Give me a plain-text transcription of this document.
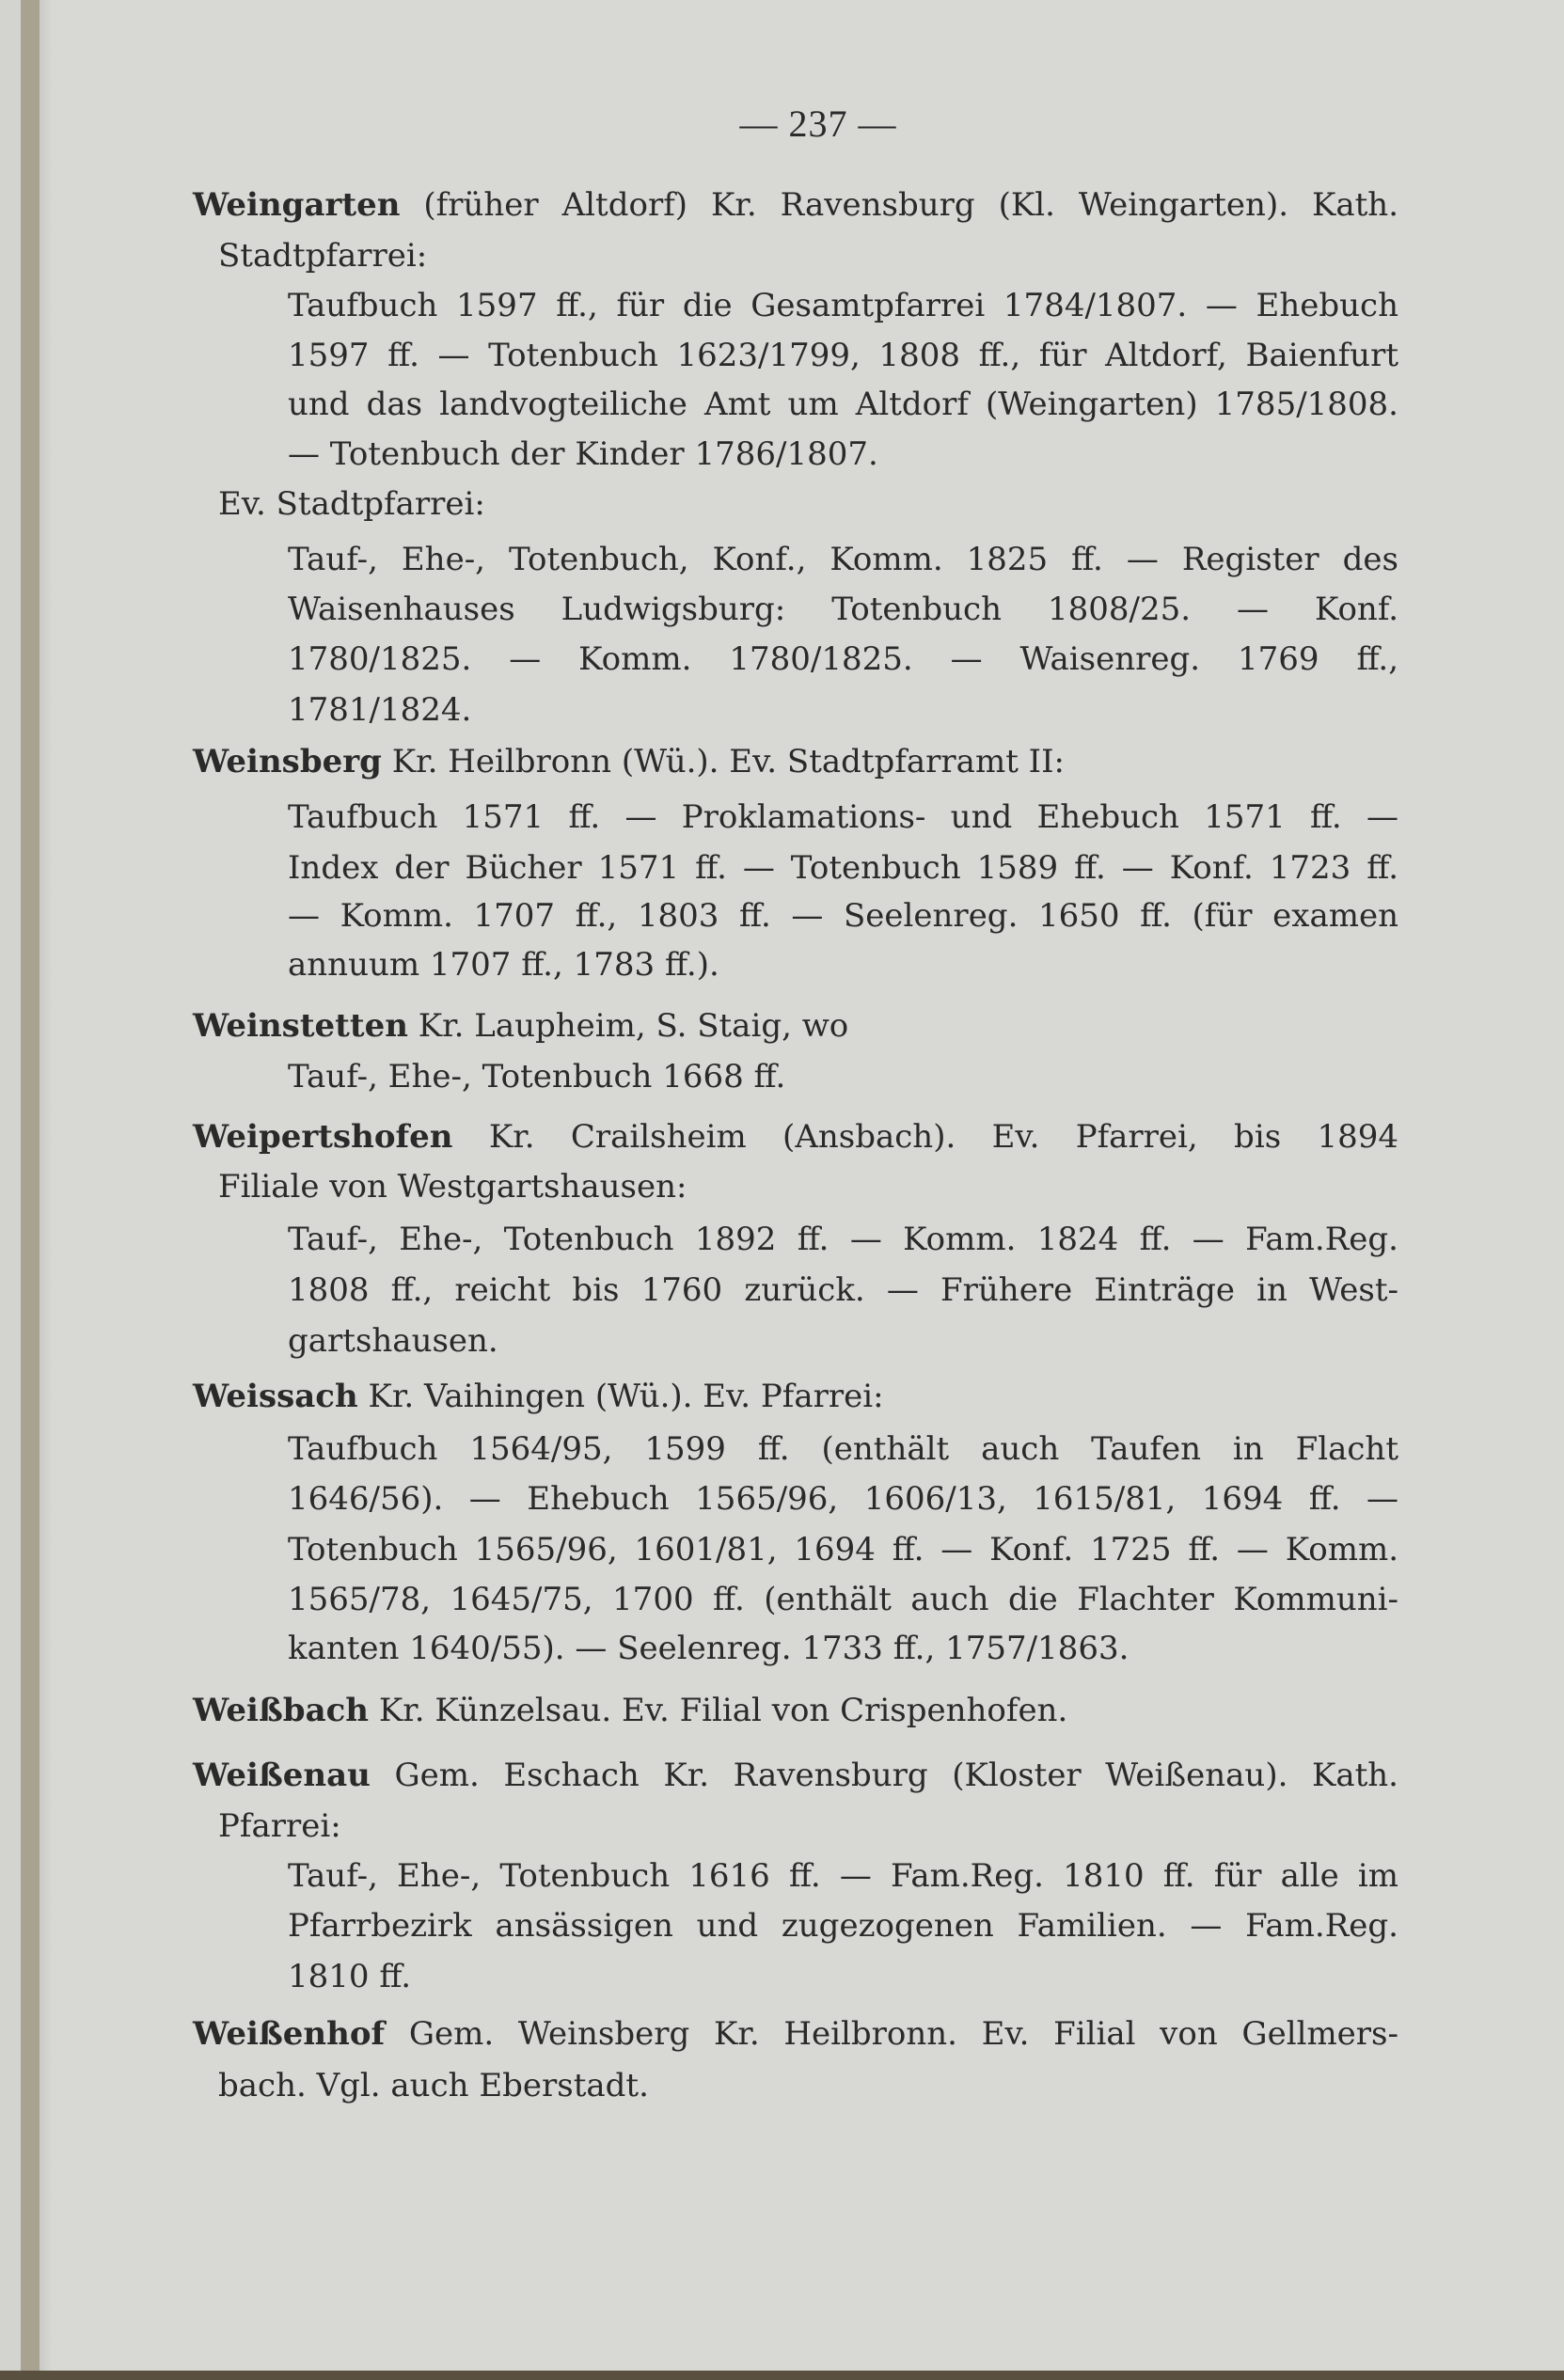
— 237 —
Weingarten (früher Altdorf) Kr. Ravensburg (Kl. Weingarten). Kath.
Stadtpfarrei:
Taufbuch 1597 ff., für die Gesamtpfarrei 1784/1807. — Ehebuch
1597 ff. — Totenbuch 1623/1799, 1808 ff., für Altdorf, Baienfurt
und das landvogteiliche Amt um Altdorf (Weingarten) 1785/1808.
— Totenbuch der Kinder 1786/1807.
Ev. Stadtpfarrei:
Tauf-, Ehe-, Totenbuch, Konf., Komm. 1825 ff. — Register des
Waisenhauses Ludwigsburg: Totenbuch 1808/25. — Konf.
1780/1825. — Komm. 1780/1825. — Waisenreg. 1769 ff.,
1781/1824.
Weinsberg Kr. Heilbronn (Wü.). Ev. Stadtpfarramt II:
Taufbuch 1571 ff. — Proklamations- und Ehebuch 1571 ff. —
Index der Bücher 1571 ff. — Totenbuch 1589 ff. — Konf. 1723 ff.
— Komm. 1707 ff., 1803 ff. — Seelenreg. 1650 ff. (für examen
annuum 1707 ff., 1783 ff.).
Weinstetten Kr. Laupheim, S. Staig, wo
Tauf-, Ehe-, Totenbuch 1668 ff.
Weipertshofen Kr. Crailsheim (Ansbach). Ev. Pfarrei, bis 1894
Filiale von Westgartshausen:
Tauf-, Ehe-, Totenbuch 1892 ff. — Komm. 1824 ff. — Fam.Reg.
1808 ff., reicht bis 1760 zurück. — Frühere Einträge in West-
gartshausen.
Weissach Kr. Vaihingen (Wü.). Ev. Pfarrei:
Taufbuch 1564/95, 1599 ff. (enthält auch Taufen in Flacht
1646/56). — Ehebuch 1565/96, 1606/13, 1615/81, 1694 ff. —
Totenbuch 1565/96, 1601/81, 1694 ff. — Konf. 1725 ff. — Komm.
1565/78, 1645/75, 1700 ff. (enthält auch die Flachter Kommuni-
kanten 1640/55). — Seelenreg. 1733 ff., 1757/1863.
Weißbach Kr. Künzelsau. Ev. Filial von Crispenhofen.
Weißenau Gem. Eschach Kr. Ravensburg (Kloster Weißenau). Kath.
Pfarrei:
Tauf-, Ehe-, Totenbuch 1616 ff. — Fam.Reg. 1810 ff. für alle im
Pfarrbezirk ansässigen und zugezogenen Familien. — Fam.Reg.
1810 ff.
Weißenhof Gem. Weinsberg Kr. Heilbronn. Ev. Filial von Gellmers-
bach. Vgl. auch Eberstadt.
